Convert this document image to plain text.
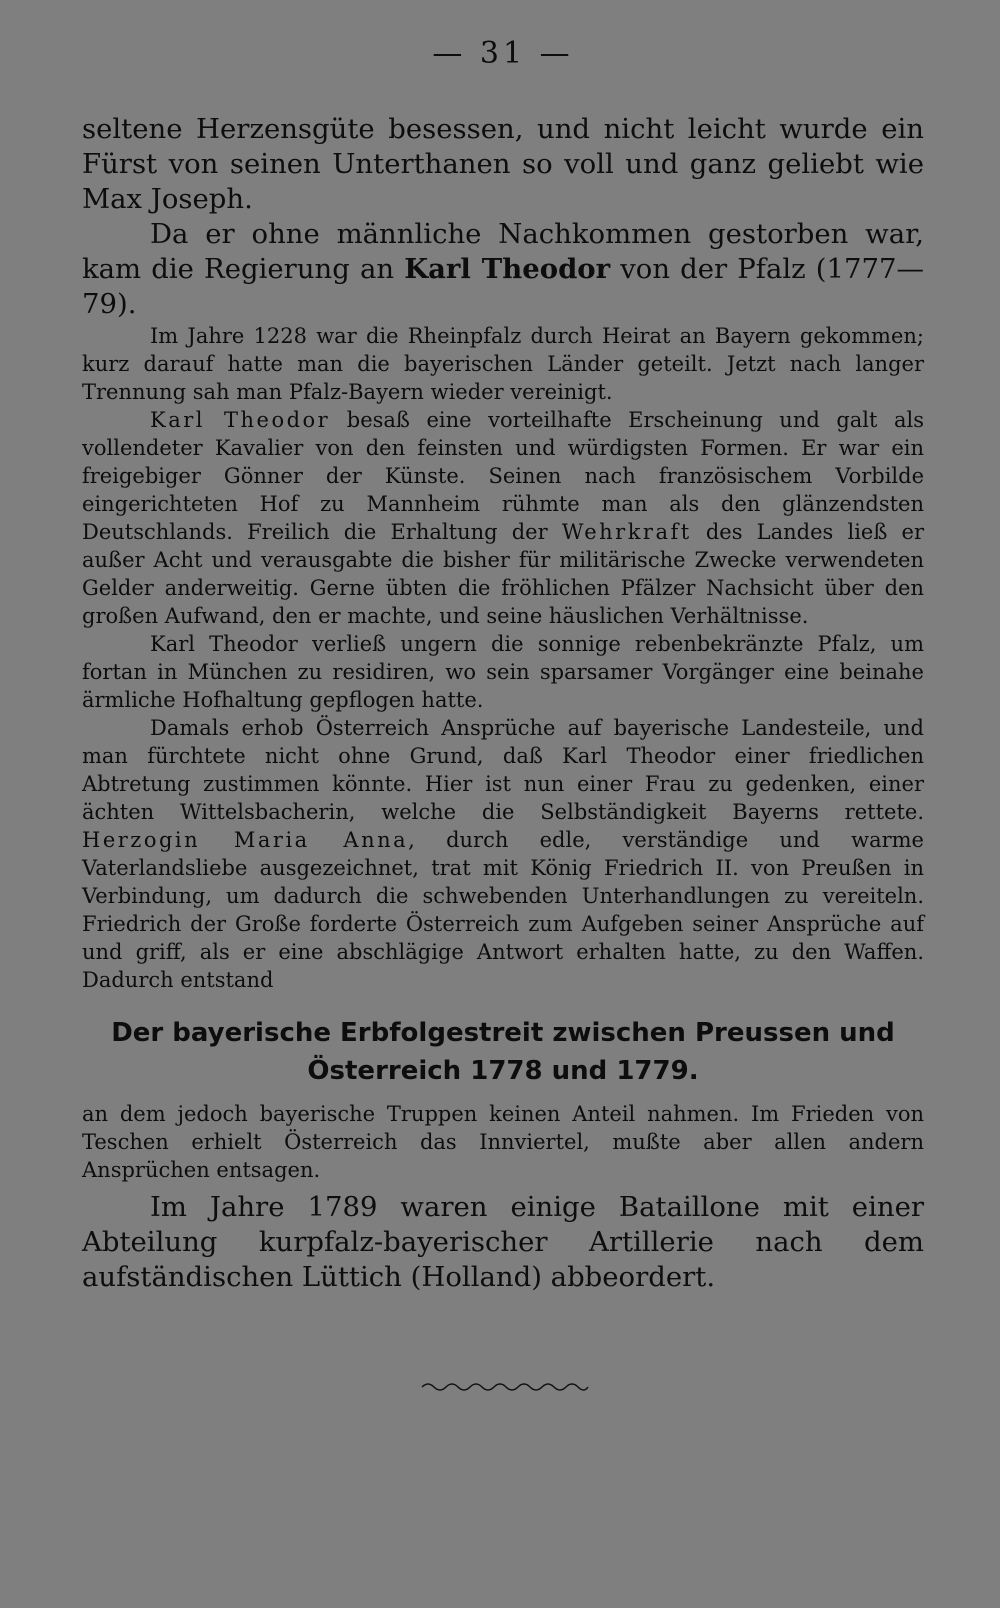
— 31 —

seltene Herzensgüte besessen, und nicht leicht wurde ein Fürst von seinen Unterthanen so voll und ganz geliebt wie Max Joseph.

Da er ohne männliche Nachkommen gestorben war, kam die Regierung an Karl Theodor von der Pfalz (1777—79).

Im Jahre 1228 war die Rheinpfalz durch Heirat an Bayern gekommen; kurz darauf hatte man die bayerischen Länder geteilt. Jetzt nach langer Trennung sah man Pfalz-Bayern wieder vereinigt.

Karl Theodor besaß eine vorteilhafte Erscheinung und galt als vollendeter Kavalier von den feinsten und würdigsten Formen. Er war ein freigebiger Gönner der Künste. Seinen nach französischem Vorbilde eingerichteten Hof zu Mannheim rühmte man als den glänzendsten Deutschlands. Freilich die Erhaltung der Wehrkraft des Landes ließ er außer Acht und verausgabte die bisher für militärische Zwecke verwendeten Gelder anderweitig. Gerne übten die fröhlichen Pfälzer Nachsicht über den großen Aufwand, den er machte, und seine häuslichen Verhältnisse.

Karl Theodor verließ ungern die sonnige rebenbekränzte Pfalz, um fortan in München zu residiren, wo sein sparsamer Vorgänger eine beinahe ärmliche Hofhaltung gepflogen hatte.

Damals erhob Österreich Ansprüche auf bayerische Landesteile, und man fürchtete nicht ohne Grund, daß Karl Theodor einer friedlichen Abtretung zustimmen könnte. Hier ist nun einer Frau zu gedenken, einer ächten Wittelsbacherin, welche die Selbständigkeit Bayerns rettete. Herzogin Maria Anna, durch edle, verständige und warme Vaterlandsliebe ausgezeichnet, trat mit König Friedrich II. von Preußen in Verbindung, um dadurch die schwebenden Unterhandlungen zu vereiteln. Friedrich der Große forderte Österreich zum Aufgeben seiner Ansprüche auf und griff, als er eine abschlägige Antwort erhalten hatte, zu den Waffen. Dadurch entstand

Der bayerische Erbfolgestreit zwischen Preussen und
Österreich 1778 und 1779.

an dem jedoch bayerische Truppen keinen Anteil nahmen. Im Frieden von Teschen erhielt Österreich das Innviertel, mußte aber allen andern Ansprüchen entsagen.

Im Jahre 1789 waren einige Bataillone mit einer Abteilung kurpfalz-bayerischer Artillerie nach dem aufständischen Lüttich (Holland) abbeordert.
